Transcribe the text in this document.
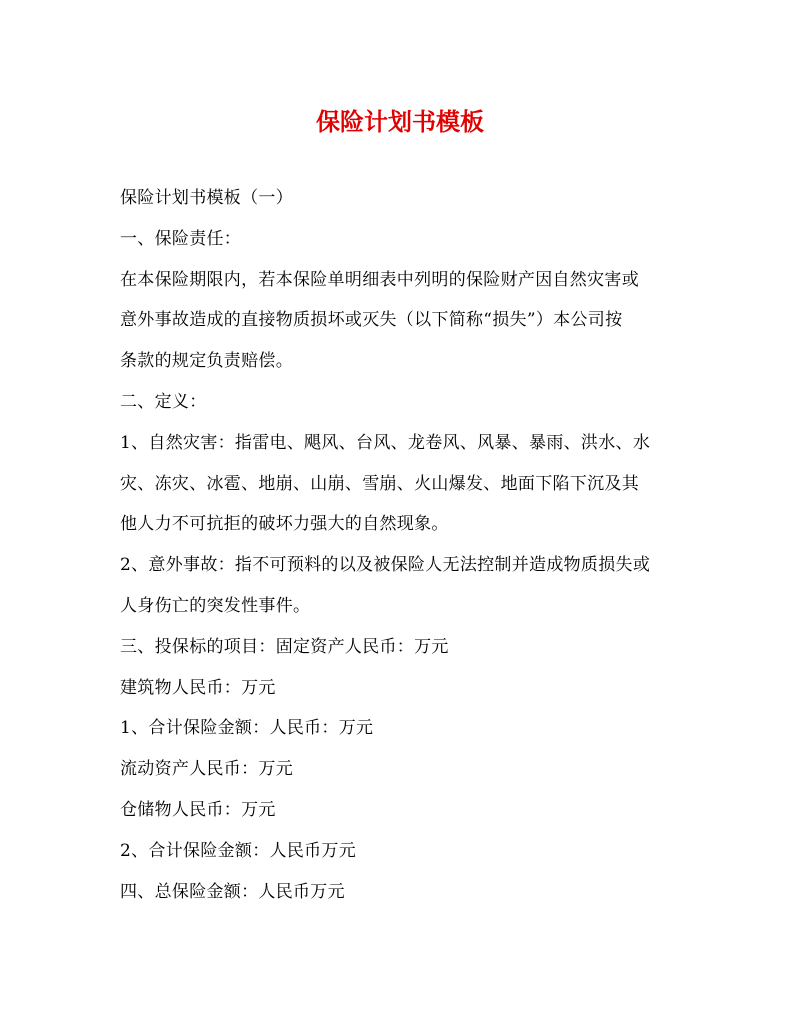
保险计划书模板

保险计划书模板（一）

一、保险责任：

在本保险期限内，若本保险单明细表中列明的保险财产因自然灾害或

意外事故造成的直接物质损坏或灭失（以下简称“损失”）本公司按

条款的规定负责赔偿。

二、定义：

1、自然灾害：指雷电、飓风、台风、龙卷风、风暴、暴雨、洪水、水

灾、冻灾、冰雹、地崩、山崩、雪崩、火山爆发、地面下陷下沉及其

他人力不可抗拒的破坏力强大的自然现象。

2、意外事故：指不可预料的以及被保险人无法控制并造成物质损失或

人身伤亡的突发性事件。

三、投保标的项目：固定资产人民币：万元

建筑物人民币：万元

1、合计保险金额：人民币：万元

流动资产人民币：万元

仓储物人民币：万元

2、合计保险金额：人民币万元

四、总保险金额：人民币万元
